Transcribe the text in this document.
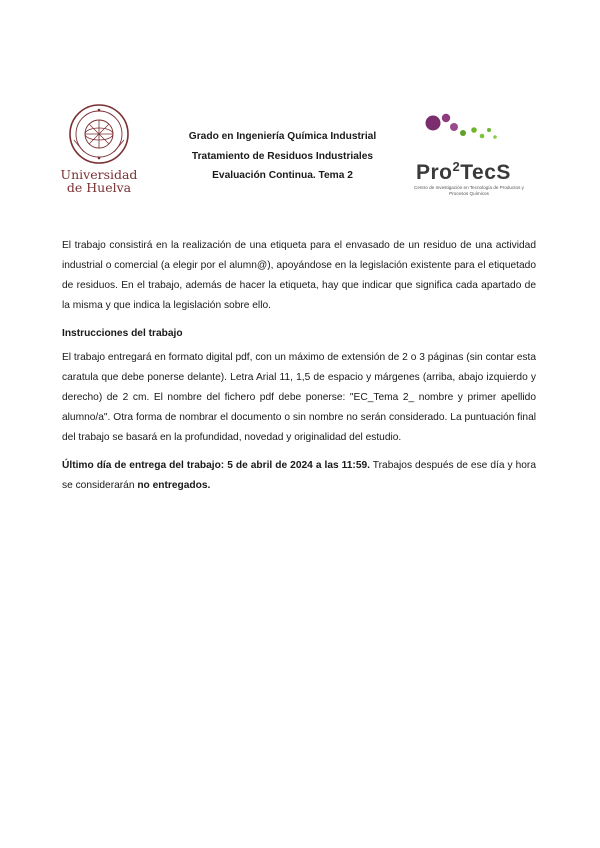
Universidad
de Huelva
Grado en Ingeniería Química Industrial
Tratamiento de Residuos Industriales
Evaluación Continua. Tema 2	Pro$^2$TecS
Centro de Investigación en Tecnología de Productos y Procesos Químicos

El trabajo consistirá en la realización de una etiqueta para el envasado de un residuo de una actividad industrial o comercial (a elegir por el alumn@), apoyándose en la legislación existente para el etiquetado de residuos. En el trabajo, además de hacer la etiqueta, hay que indicar que significa cada apartado de la misma y que indica la legislación sobre ello.

Instrucciones del trabajo

El trabajo entregará en formato digital pdf, con un máximo de extensión de 2 o 3 páginas (sin contar esta caratula que debe ponerse delante). Letra Arial 11, 1,5 de espacio y márgenes (arriba, abajo izquierdo y derecho) de 2 cm. El nombre del fichero pdf debe ponerse: "EC_Tema 2_ nombre y primer apellido alumno/a". Otra forma de nombrar el documento o sin nombre no serán considerado. La puntuación final del trabajo se basará en la profundidad, novedad y originalidad del estudio.

Último día de entrega del trabajo: 5 de abril de 2024 a las 11:59. Trabajos después de ese día y hora se considerarán no entregados.
